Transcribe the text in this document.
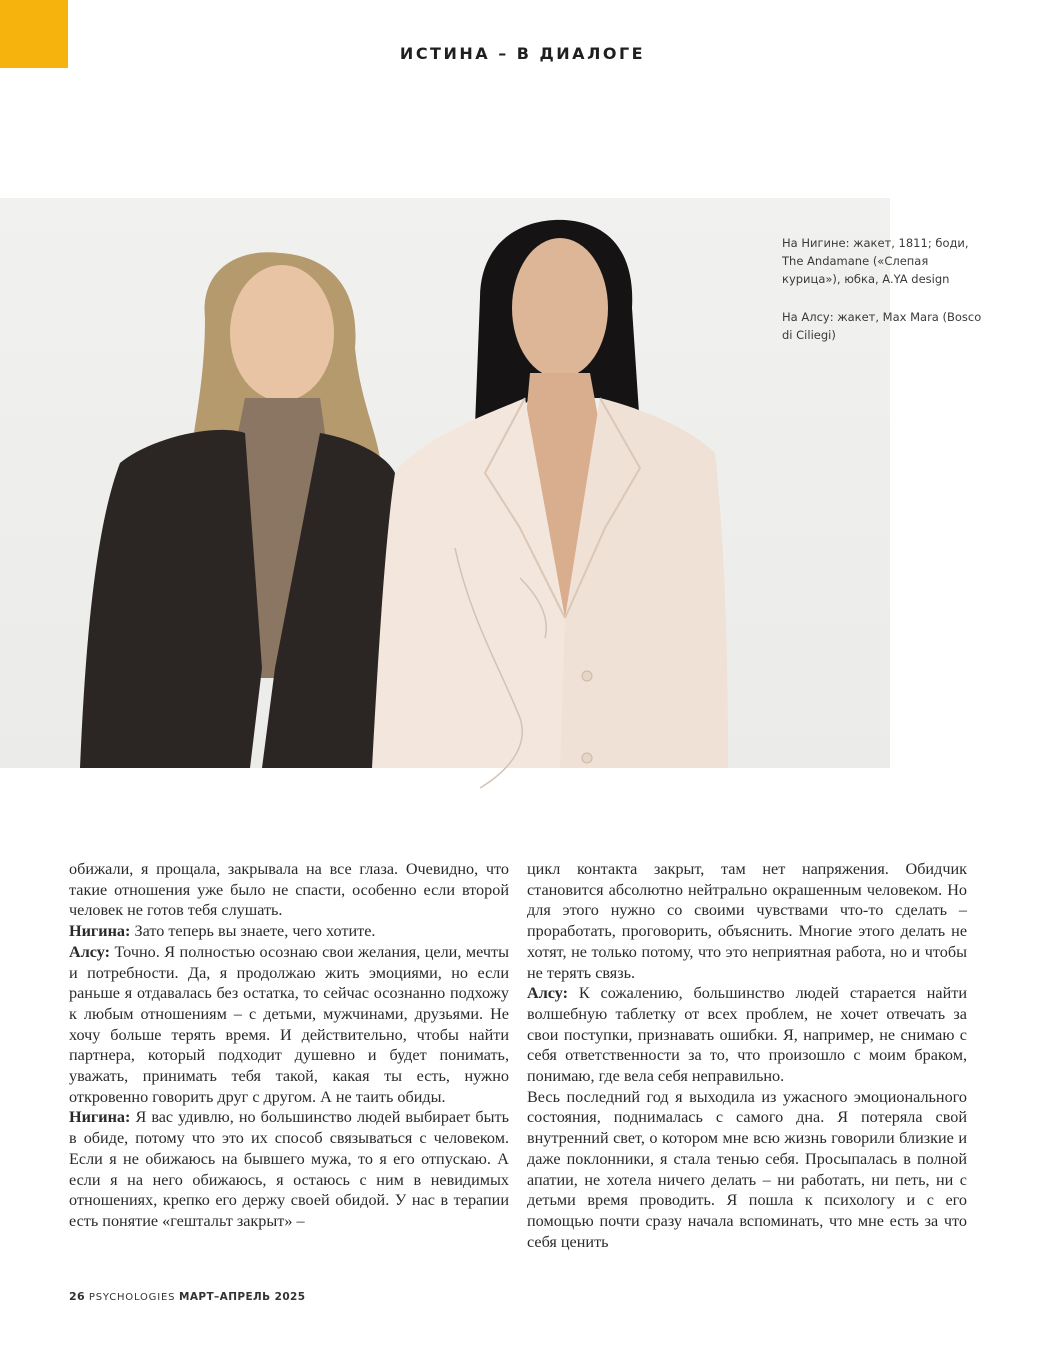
ИСТИНА – В ДИАЛОГЕ

На Нигине: жакет, 1811; боди, The Andamane («Слепая курица»), юбка, A.YA design

На Алсу: жакет, Max Mara (Bosco di Ciliegi)

обижали, я прощала, закрывала на все глаза. Очевидно, что такие отношения уже было не спасти, особенно если второй человек не готов тебя слушать.

Нигина: Зато теперь вы знаете, чего хотите.

Алсу: Точно. Я полностью осознаю свои желания, цели, мечты и потребности. Да, я продолжаю жить эмоциями, но если раньше я отдавалась без остатка, то сейчас осознанно подхожу к любым отношениям – с детьми, мужчинами, друзьями. Не хочу больше терять время. И действительно, чтобы найти партнера, который подходит душевно и будет понимать, уважать, принимать тебя такой, какая ты есть, нужно откровенно говорить друг с другом. А не таить обиды.

Нигина: Я вас удивлю, но большинство людей выбирает быть в обиде, потому что это их способ связываться с человеком. Если я не обижаюсь на бывшего мужа, то я его отпускаю. А если я на него обижаюсь, я остаюсь с ним в невидимых отношениях, крепко его держу своей обидой. У нас в терапии есть понятие «гештальт закрыт» –

цикл контакта закрыт, там нет напряжения. Обидчик становится абсолютно нейтрально окрашенным человеком. Но для этого нужно со своими чувствами что-то сделать – проработать, проговорить, объяснить. Многие этого делать не хотят, не только потому, что это неприятная работа, но и чтобы не терять связь.

Алсу: К сожалению, большинство людей старается найти волшебную таблетку от всех проблем, не хочет отвечать за свои поступки, признавать ошибки. Я, например, не снимаю с себя ответственности за то, что произошло с моим браком, понимаю, где вела себя неправильно.

Весь последний год я выходила из ужасного эмоционального состояния, поднималась с самого дна. Я потеряла свой внутренний свет, о котором мне всю жизнь говорили близкие и даже поклонники, я стала тенью себя. Просыпалась в полной апатии, не хотела ничего делать – ни работать, ни петь, ни с детьми время проводить. Я пошла к психологу и с его помощью почти сразу начала вспоминать, что мне есть за что себя ценить

26 PSYCHOLOGIES МАРТ–АПРЕЛЬ 2025
